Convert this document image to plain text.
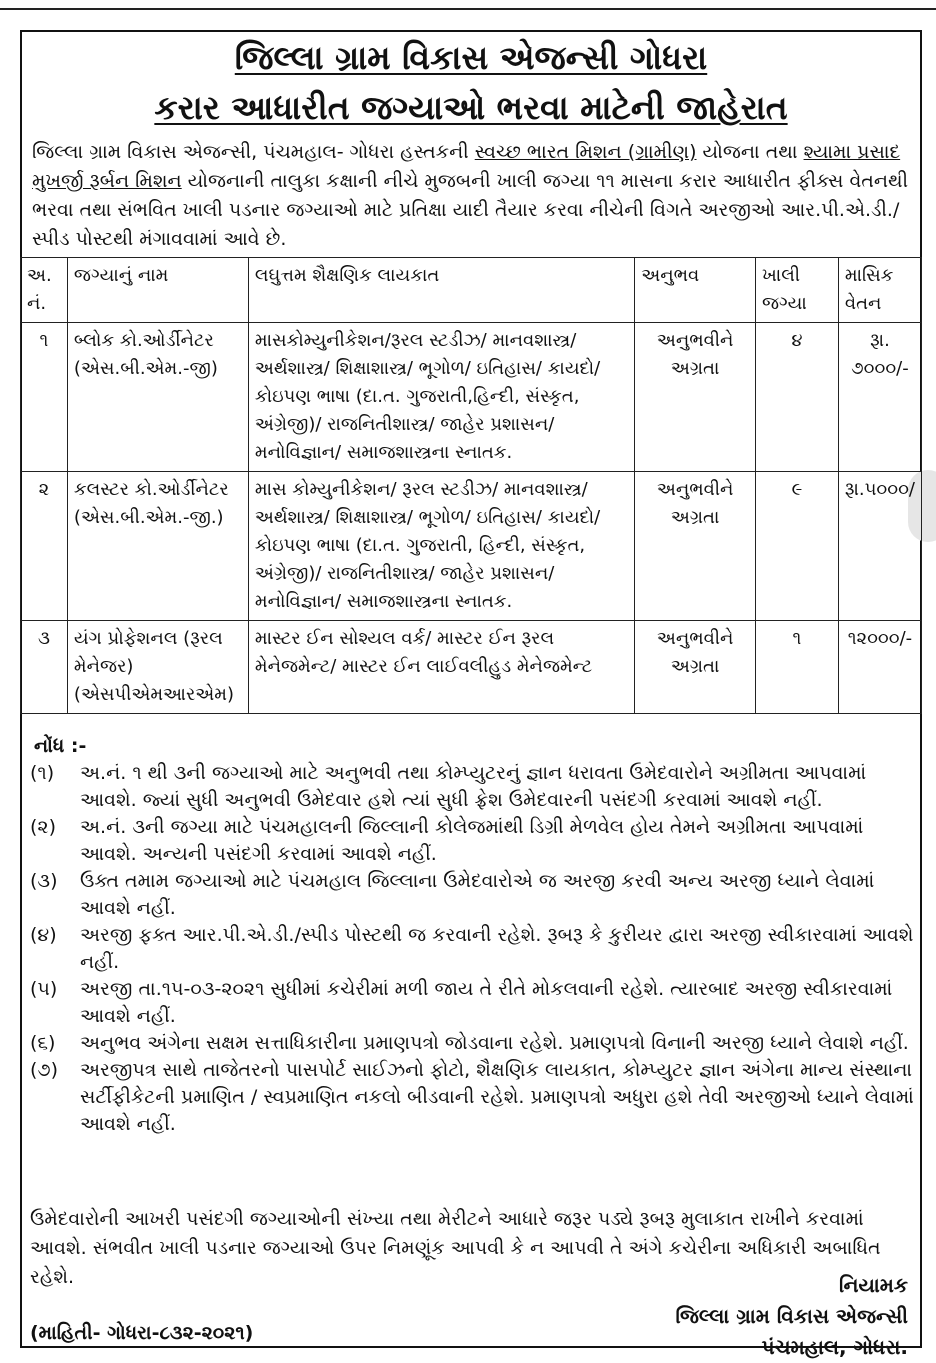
જિલ્લા ગ્રામ વિકાસ એજન્સી ગોધરા
કરાર આધારીત જગ્યાઓ ભરવા માટેની જાહેરાત
જિલ્લા ગ્રામ વિકાસ એજન્સી, પંચમહાલ- ગોધરા હસ્તકની સ્વચ્છ ભારત મિશન (ગ્રામીણ) યોજના તથા શ્યામા પ્રસાદ મુખર્જી રૂર્બન મિશન યોજનાની તાલુકા કક્ષાની નીચે મુજબની ખાલી જગ્યા ૧૧ માસના કરાર આધારીત ફીક્સ વેતનથી ભરવા તથા સંભવિત ખાલી પડનાર જગ્યાઓ માટે પ્રતિક્ષા યાદી તૈયાર કરવા નીચેની વિગતે અરજીઓ આર.પી.એ.ડી./ સ્પીડ પોસ્ટથી મંગાવવામાં આવે છે.
અ. નં.	જગ્યાનું નામ	લઘુત્તમ શૈક્ષણિક લાયકાત	અનુભવ	ખાલી જગ્યા	માસિક વેતન
૧	બ્લોક કો.ઓર્ડીનેટર (એસ.બી.એમ.-જી)	માસકોમ્યુનીકેશન/રૂરલ સ્ટડીઝ/ માનવશાસ્ત્ર/ અર્થશાસ્ત્ર/ શિક્ષાશાસ્ત્ર/ ભૂગોળ/ ઇતિહાસ/ કાયદો/ કોઇપણ ભાષા (દા.ત. ગુજરાતી,હિન્દી, સંસ્કૃત, અંગ્રેજી)/ રાજનિતીશાસ્ત્ર/ જાહેર પ્રશાસન/ મનોવિજ્ઞાન/ સમાજશાસ્ત્રના સ્નાતક.	અનુભવીને અગ્રતા	૪	રૂા. ૭૦૦૦/-
૨	કલસ્ટર કો.ઓર્ડીનેટર (એસ.બી.એમ.-જી.)	માસ કોમ્યુનીકેશન/ રૂરલ સ્ટડીઝ/ માનવશાસ્ત્ર/ અર્થશાસ્ત્ર/ શિક્ષાશાસ્ત્ર/ ભૂગોળ/ ઇતિહાસ/ કાયદો/ કોઇપણ ભાષા (દા.ત. ગુજરાતી, હિન્દી, સંસ્કૃત, અંગ્રેજી)/ રાજનિતીશાસ્ત્ર/ જાહેર પ્રશાસન/ મનોવિજ્ઞાન/ સમાજશાસ્ત્રના સ્નાતક.	અનુભવીને અગ્રતા	૯	રૂા.૫૦૦૦/
૩	યંગ પ્રોફેશનલ (રૂરલ મેનેજર) (એસપીએમઆરએમ)	માસ્ટર ઈન સોશ્યલ વર્ક/ માસ્ટર ઈન રૂરલ મેનેજમેન્ટ/ માસ્ટર ઈન લાઈવલીહુડ મેનેજમેન્ટ	અનુભવીને અગ્રતા	૧	૧૨૦૦૦/-
નોંધ :-
(૧)	અ.નં. ૧ થી ૩ની જગ્યાઓ માટે અનુભવી તથા કોમ્પ્યુટરનું જ્ઞાન ધરાવતા ઉમેદવારોને અગ્રીમતા આપવામાં આવશે. જ્યાં સુધી અનુભવી ઉમેદવાર હશે ત્યાં સુધી ફ્રેશ ઉમેદવારની પસંદગી કરવામાં આવશે નહીં.
(૨)	અ.નં. ૩ની જગ્યા માટે પંચમહાલની જિલ્લાની કોલેજમાંથી ડિગ્રી મેળવેલ હોય તેમને અગ્રીમતા આપવામાં આવશે. અન્યની પસંદગી કરવામાં આવશે નહીં.
(૩)	ઉક્ત તમામ જગ્યાઓ માટે પંચમહાલ જિલ્લાના ઉમેદવારોએ જ અરજી કરવી અન્ય અરજી ધ્યાને લેવામાં આવશે નહીં.
(૪)	અરજી ફક્ત આર.પી.એ.ડી./સ્પીડ પોસ્ટથી જ કરવાની રહેશે. રૂબરૂ કે કુરીયર દ્વારા અરજી સ્વીકારવામાં આવશે નહીં.
(૫)	અરજી તા.૧૫-૦૩-૨૦૨૧ સુધીમાં કચેરીમાં મળી જાય તે રીતે મોકલવાની રહેશે. ત્યારબાદ અરજી સ્વીકારવામાં આવશે નહીં.
(૬)	અનુભવ અંગેના સક્ષમ સત્તાધિકારીના પ્રમાણપત્રો જોડવાના રહેશે. પ્રમાણપત્રો વિનાની અરજી ધ્યાને લેવાશે નહીં.
(૭)	અરજીપત્ર સાથે તાજેતરનો પાસપોર્ટ સાઈઝનો ફોટો, શૈક્ષણિક લાયકાત, કોમ્પ્યુટર જ્ઞાન અંગેના માન્ય સંસ્થાના સર્ટીફીકેટની પ્રમાણિત / સ્વપ્રમાણિત નકલો બીડવાની રહેશે. પ્રમાણપત્રો અધુરા હશે તેવી અરજીઓ ધ્યાને લેવામાં આવશે નહીં.
ઉમેદવારોની આખરી પસંદગી જગ્યાઓની સંખ્યા તથા મેરીટને આધારે જરૂર પડ્યે રૂબરૂ મુલાકાત રાખીને કરવામાં આવશે. સંભવીત ખાલી પડનાર જગ્યાઓ ઉપર નિમણૂંક આપવી કે ન આપવી તે અંગે કચેરીના અધિકારી અબાધિત રહેશે.	નિયામક
જિલ્લા ગ્રામ વિકાસ એજન્સી
પંચમહાલ, ગોધરા.
(માહિતી- ગોધરા-૮૩૨-૨૦૨૧)
